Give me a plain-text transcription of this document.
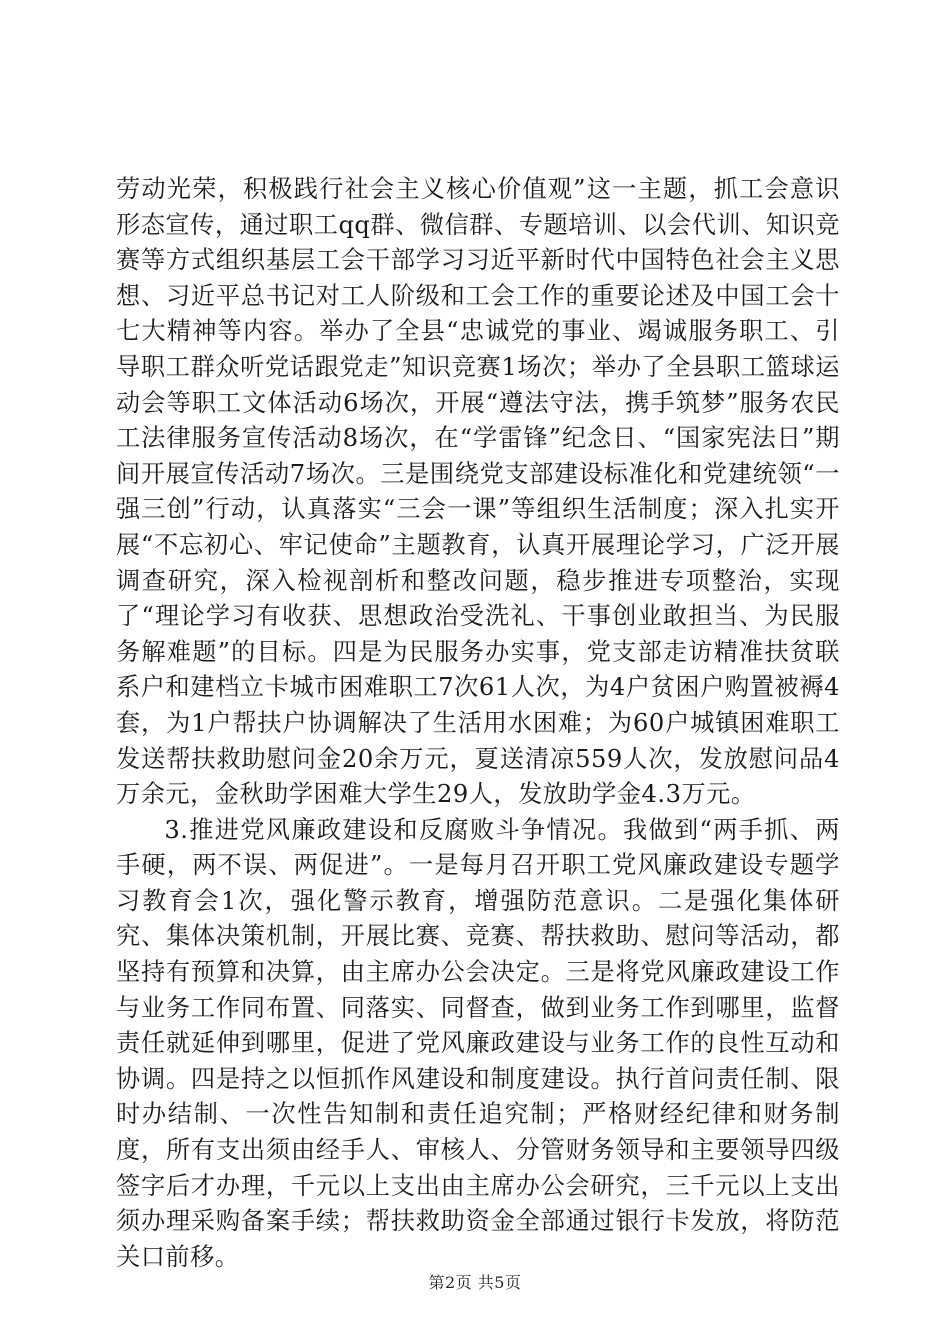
劳动光荣，积极践行社会主义核心价值观”这一主题，抓工会意识形态宣传，通过职工qq群、微信群、专题培训、以会代训、知识竞赛等方式组织基层工会干部学习习近平新时代中国特色社会主义思想、习近平总书记对工人阶级和工会工作的重要论述及中国工会十七大精神等内容。举办了全县“忠诚党的事业、竭诚服务职工、引导职工群众听党话跟党走”知识竞赛1场次；举办了全县职工篮球运动会等职工文体活动6场次，开展“遵法守法，携手筑梦”服务农民工法律服务宣传活动8场次，在“学雷锋”纪念日、“国家宪法日”期间开展宣传活动7场次。三是围绕党支部建设标准化和党建统领“一强三创”行动，认真落实“三会一课”等组织生活制度；深入扎实开展“不忘初心、牢记使命”主题教育，认真开展理论学习，广泛开展调查研究，深入检视剖析和整改问题，稳步推进专项整治，实现了“理论学习有收获、思想政治受洗礼、干事创业敢担当、为民服务解难题”的目标。四是为民服务办实事，党支部走访精准扶贫联系户和建档立卡城市困难职工7次61人次，为4户贫困户购置被褥4套，为1户帮扶户协调解决了生活用水困难；为60户城镇困难职工发送帮扶救助慰问金20余万元，夏送清凉559人次，发放慰问品4万余元，金秋助学困难大学生29人，发放助学金4.3万元。

3.推进党风廉政建设和反腐败斗争情况。我做到“两手抓、两手硬，两不误、两促进”。一是每月召开职工党风廉政建设专题学习教育会1次，强化警示教育，增强防范意识。二是强化集体研究、集体决策机制，开展比赛、竞赛、帮扶救助、慰问等活动，都坚持有预算和决算，由主席办公会决定。三是将党风廉政建设工作与业务工作同布置、同落实、同督查，做到业务工作到哪里，监督责任就延伸到哪里，促进了党风廉政建设与业务工作的良性互动和协调。四是持之以恒抓作风建设和制度建设。执行首问责任制、限时办结制、一次性告知制和责任追究制；严格财经纪律和财务制度，所有支出须由经手人、审核人、分管财务领导和主要领导四级签字后才办理，千元以上支出由主席办公会研究，三千元以上支出须办理采购备案手续；帮扶救助资金全部通过银行卡发放，将防范关口前移。

第2页 共5页
